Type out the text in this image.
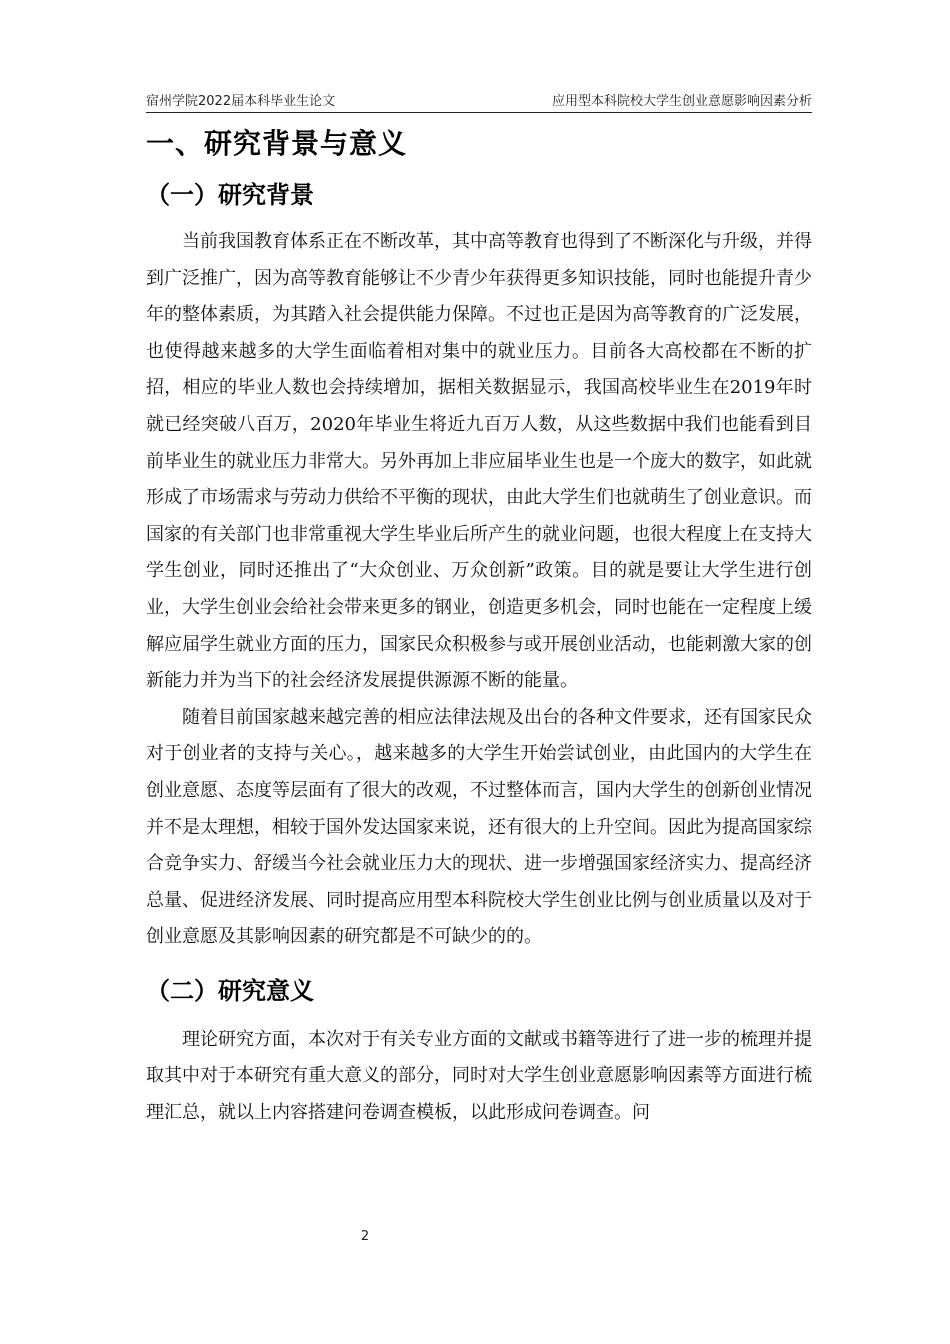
宿州学院2022届本科毕业生论文	应用型本科院校大学生创业意愿影响因素分析
一、研究背景与意义
（一）研究背景

当前我国教育体系正在不断改革，其中高等教育也得到了不断深化与升级，并得到广泛推广，因为高等教育能够让不少青少年获得更多知识技能，同时也能提升青少年的整体素质，为其踏入社会提供能力保障。不过也正是因为高等教育的广泛发展，也使得越来越多的大学生面临着相对集中的就业压力。目前各大高校都在不断的扩招，相应的毕业人数也会持续增加，据相关数据显示，我国高校毕业生在2019年时就已经突破八百万，2020年毕业生将近九百万人数，从这些数据中我们也能看到目前毕业生的就业压力非常大。另外再加上非应届毕业生也是一个庞大的数字，如此就形成了市场需求与劳动力供给不平衡的现状，由此大学生们也就萌生了创业意识。而国家的有关部门也非常重视大学生毕业后所产生的就业问题，也很大程度上在支持大学生创业，同时还推出了“大众创业、万众创新”政策。目的就是要让大学生进行创业，大学生创业会给社会带来更多的钢业，创造更多机会，同时也能在一定程度上缓解应届学生就业方面的压力，国家民众积极参与或开展创业活动，也能刺激大家的创新能力并为当下的社会经济发展提供源源不断的能量。

随着目前国家越来越完善的相应法律法规及出台的各种文件要求，还有国家民众对于创业者的支持与关心。，越来越多的大学生开始尝试创业，由此国内的大学生在创业意愿、态度等层面有了很大的改观，不过整体而言，国内大学生的创新创业情况并不是太理想，相较于国外发达国家来说，还有很大的上升空间。因此为提高国家综合竞争实力、舒缓当今社会就业压力大的现状、进一步增强国家经济实力、提高经济总量、促进经济发展、同时提高应用型本科院校大学生创业比例与创业质量以及对于创业意愿及其影响因素的研究都是不可缺少的的。

（二）研究意义

理论研究方面，本次对于有关专业方面的文献或书籍等进行了进一步的梳理并提取其中对于本研究有重大意义的部分，同时对大学生创业意愿影响因素等方面进行梳理汇总，就以上内容搭建问卷调查模板，以此形成问卷调查。问

2
